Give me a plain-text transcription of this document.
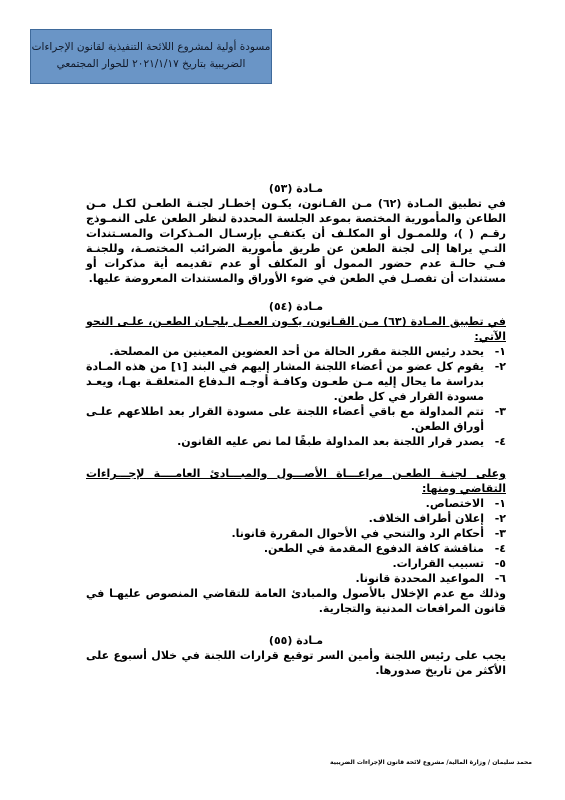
مسودة أولية لمشروع اللائحة التنفيذية لقانون الإجراءات
الضريبية بتاريخ ٢٠٢١/١/١٧ للحوار المجتمعي
مـادة (٥٣)
في تطبيق المـادة (٦٢) مـن القـانون، يكـون إخطـار لجنـة الطعـن لكـل مـن الطاعن والمأمورية المختصة بموعد الجلسة المحددة لنظر الطعن على النمـوذج رقـم ( )، وللممـول أو المكلـف أن يكتفـي بإرسـال المـذكرات والمسـتندات التـي يراها إلى لجنة الطعن عن طريق مأمورية الضرائب المختصـة، وللجنـة فـي حالـة عدم حضور الممول أو المكلف أو عدم تقديمه أية مذكرات أو مستندات أن تفصـل في الطعن في ضوء الأوراق والمستندات المعروضة عليها.
مـادة (٥٤)
في تطبيق المـادة (٦٣) مـن القـانون، يكـون العمـل بلجـان الطعـن، علـى النحو الآتي:
١-
يحدد رئيس اللجنة مقرر الحالة من أحد العضوين المعينين من المصلحة.
٢-
يقوم كل عضو من أعضاء اللجنة المشار إليهم في البند [١] من هذه المـادة بدراسة ما يحال إليه مـن طعـون وكافـة أوجـه الـدفاع المتعلقـة بهـا، ويعـد مسودة القرار في كل طعن.
٣-
تتم المداولة مع باقي أعضاء اللجنة على مسودة القرار بعد اطلاعهم علـى أوراق الطعن.
٤-
يصدر قرار اللجنة بعد المداولة طبقًا لما نص عليه القانون.
وعلى لجنـة الطعـن مراعـــاة الأصـــول والمبـــادئ العامــــة لإجـــراءات التقاضي ومنها:
١-
الاختصاص.
٢-
إعلان أطراف الخلاف.
٣-
أحكام الرد والتنحي في الأحوال المقررة قانونا.
٤-
مناقشة كافة الدفوع المقدمة في الطعن.
٥-
تسبيب القرارات.
٦-
المواعيد المحددة قانونا.
وذلك مع عدم الإخلال بالأصول والمبادئ العامة للتقاضي المنصوص عليهـا في قانون المرافعات المدنية والتجارية.
مـادة (٥٥)
يجب على رئيس اللجنة وأمين السر توقيع قرارات اللجنة في خلال أسبوع على الأكثر من تاريخ صدورها.
محمد سليمان / وزارة المالية/ مشروع لائحة قانون الإجراءات الضريبية
